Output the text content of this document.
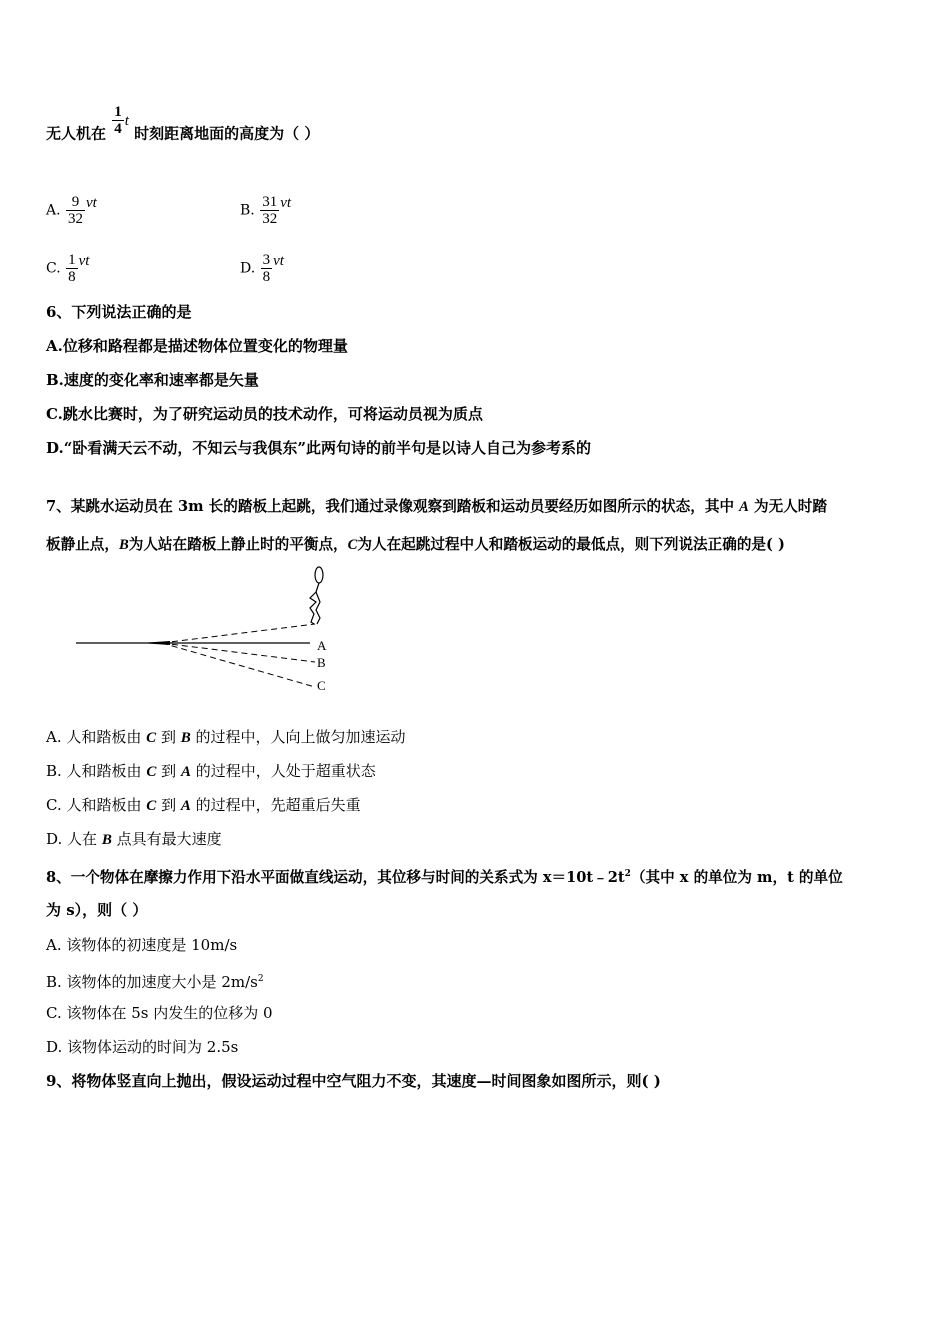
无人机在 $\frac{1}{4}$ t 时刻距离地面的高度为（ ）
A. $\frac{9}{32}$ vt	B. $\frac{31}{32}$ vt
C. $\frac{1}{8}$ vt	D. $\frac{3}{8}$ vt
6、下列说法正确的是
A.位移和路程都是描述物体位置变化的物理量
B.速度的变化率和速率都是矢量
C.跳水比赛时，为了研究运动员的技术动作，可将运动员视为质点
D.“卧看满天云不动，不知云与我俱东”此两句诗的前半句是以诗人自己为参考系的
7、某跳水运动员在 3m 长的踏板上起跳，我们通过录像观察到踏板和运动员要经历如图所示的状态，其中 A 为无人时踏
板静止点，B为人站在踏板上静止时的平衡点，C为人在起跳过程中人和踏板运动的最低点，则下列说法正确的是( )
A
B
C
A. 人和踏板由 C 到 B 的过程中，人向上做匀加速运动
B. 人和踏板由 C 到 A 的过程中，人处于超重状态
C. 人和踏板由 C 到 A 的过程中，先超重后失重
D. 人在 B 点具有最大速度
8、一个物体在摩擦力作用下沿水平面做直线运动，其位移与时间的关系式为 $x=10t﹣2t^2$（其中 x 的单位为 m，t 的单位
为 s），则（ ）
A. 该物体的初速度是 10m/s
B. 该物体的加速度大小是 $2m/s^2$
C. 该物体在 5s 内发生的位移为 0
D. 该物体运动的时间为 2.5s
9、将物体竖直向上抛出，假设运动过程中空气阻力不变，其速度—时间图象如图所示，则( )
